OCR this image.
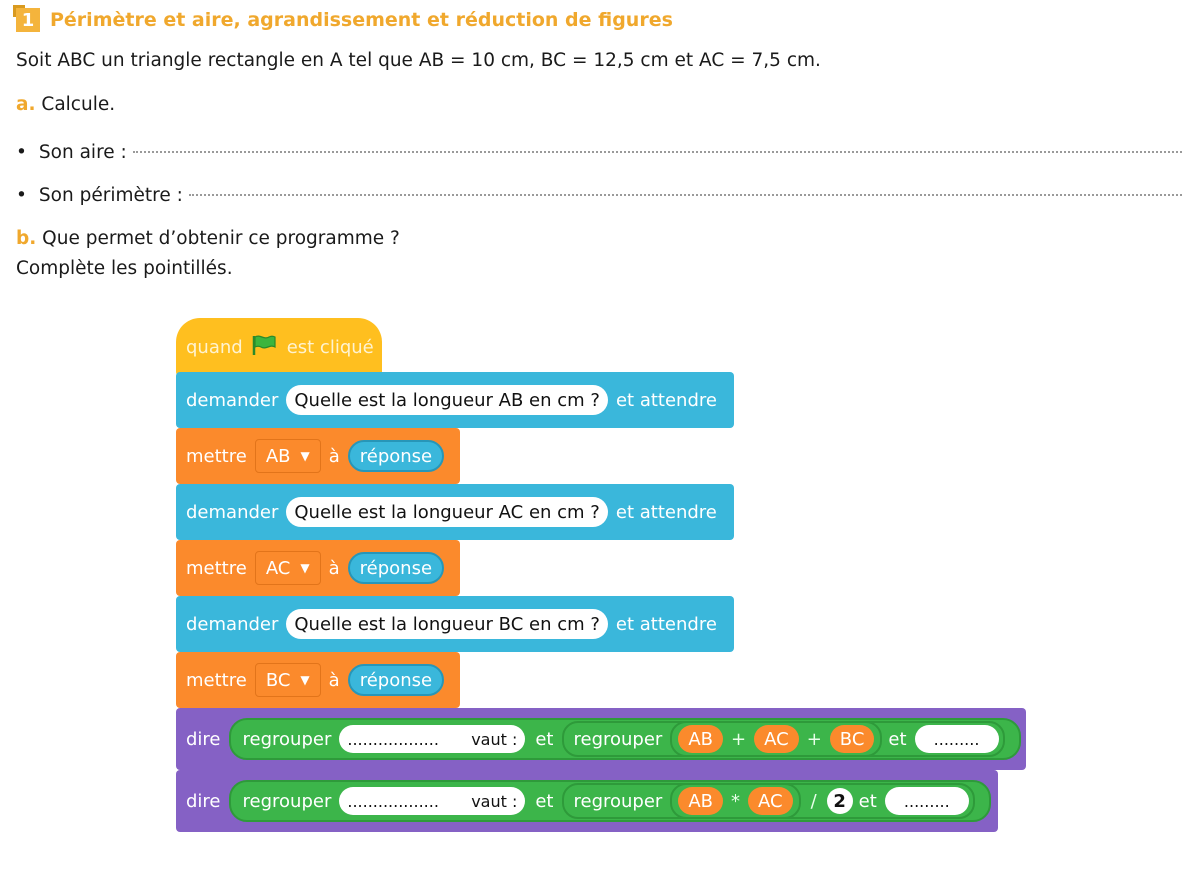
1 Périmètre et aire, agrandissement et réduction de figures
Soit ABC un triangle rectangle en A tel que AB = 10 cm, BC = 12,5 cm et AC = 7,5 cm.
a. Calcule.
• Son aire :
• Son périmètre :
b. Que permet d’obtenir ce programme ?
Complète les pointillés.
quand est cliqué
demander Quelle est la longueur AB en cm ? et attendre
mettre AB ▼ à	réponse
demander Quelle est la longueur AC en cm ? et attendre
mettre AC ▼ à	réponse
demander Quelle est la longueur BC en cm ? et attendre
mettre BC ▼ à	réponse
dire regrouper .................. vaut : et regrouper	AB	+	AC	+	BC	et	.........
dire regrouper .................. vaut : et regrouper	AB	*	AC	/ 2 et	.........
